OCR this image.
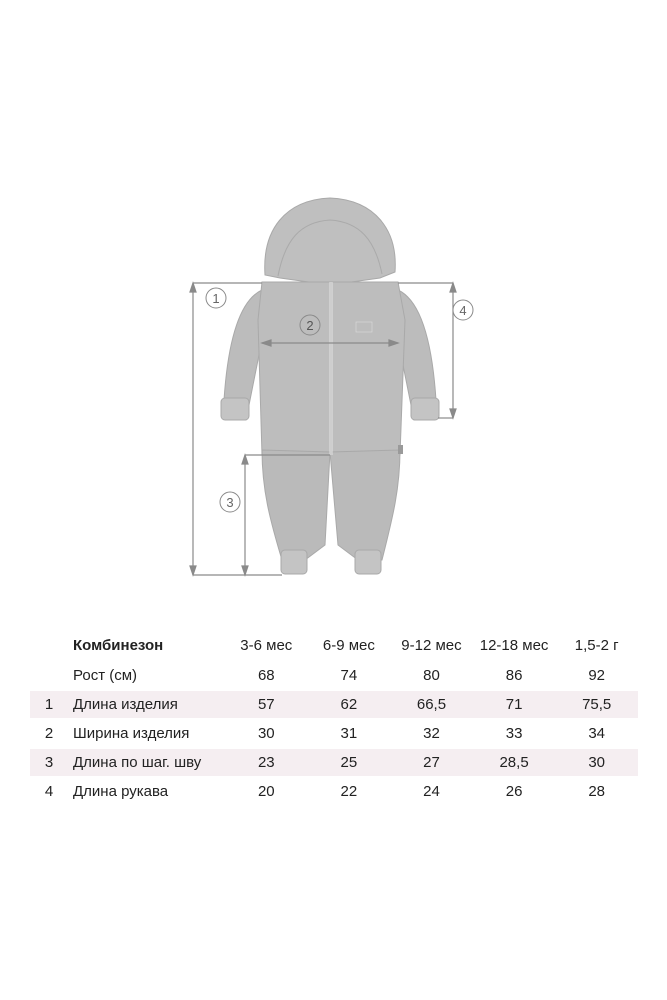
1
2
3
4
	Комбинезон	3-6 мес	6-9 мес	9-12 мес	12-18 мес	1,5-2 г
	Рост (см)	68	74	80	86	92
1	Длина изделия	57	62	66,5	71	75,5
2	Ширина изделия	30	31	32	33	34
3	Длина по шаг. шву	23	25	27	28,5	30
4	Длина рукава	20	22	24	26	28
